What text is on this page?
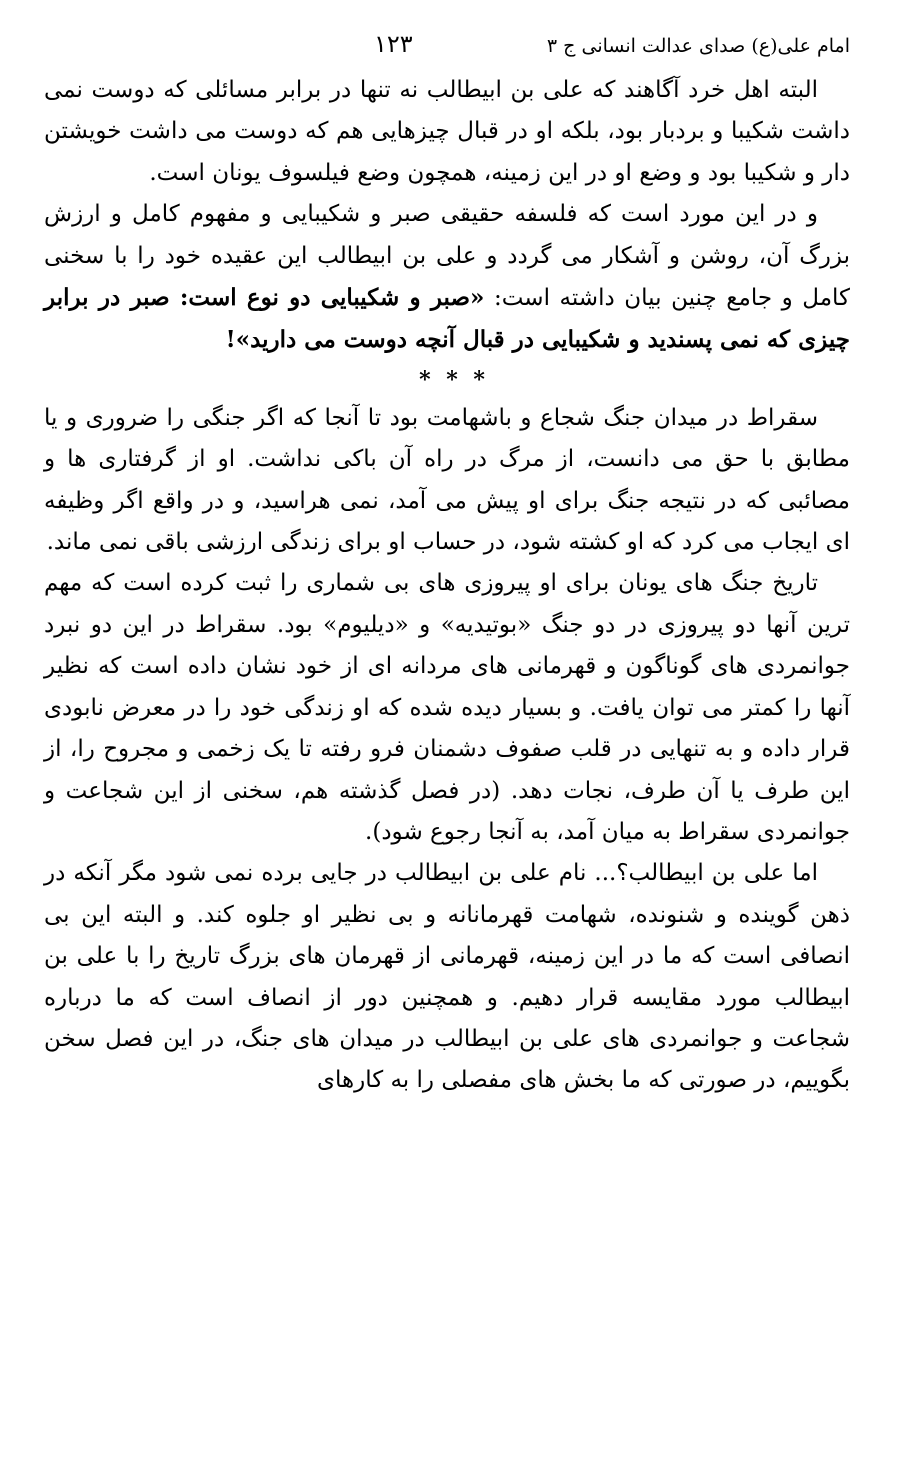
امام علی(ع) صدای عدالت انسانی ج ۳
۱۲۳

البته اهل خرد آگاهند که علی بن ابیطالب نه تنها در برابر مسائلی که دوست نمی داشت شکیبا و بردبار بود، بلکه او در قبال چیزهایی هم که دوست می داشت خویشتن دار و شکیبا بود و وضع او در این زمینه، همچون وضع فیلسوف یونان است.

و در این مورد است که فلسفه حقیقی صبر و شکیبایی و مفهوم کامل و ارزش بزرگ آن، روشن و آشکار می گردد و علی بن ابیطالب این عقیده خود را با سخنی کامل و جامع چنین بیان داشته است: «صبر و شکیبایی دو نوع است: صبر در برابر چیزی که نمی پسندید و شکیبایی در قبال آنچه دوست می دارید»!

* * *

سقراط در میدان جنگ شجاع و باشهامت بود تا آنجا که اگر جنگی را ضروری و یا مطابق با حق می دانست، از مرگ در راه آن باکی نداشت. او از گرفتاری ها و مصائبی که در نتیجه جنگ برای او پیش می آمد، نمی هراسید، و در واقع اگر وظیفه ای ایجاب می کرد که او کشته شود، در حساب او برای زندگی ارزشی باقی نمی ماند.

تاریخ جنگ های یونان برای او پیروزی های بی شماری را ثبت کرده است که مهم ترین آنها دو پیروزی در دو جنگ «بوتیدیه» و «دیلیوم» بود. سقراط در این دو نبرد جوانمردی های گوناگون و قهرمانی های مردانه ای از خود نشان داده است که نظیر آنها را کمتر می توان یافت. و بسیار دیده شده که او زندگی خود را در معرض نابودی قرار داده و به تنهایی در قلب صفوف دشمنان فرو رفته تا یک زخمی و مجروح را، از این طرف یا آن طرف، نجات دهد. (در فصل گذشته هم، سخنی از این شجاعت و جوانمردی سقراط به میان آمد، به آنجا رجوع شود).

اما علی بن ابیطالب؟... نام علی بن ابیطالب در جایی برده نمی شود مگر آنکه در ذهن گوینده و شنونده، شهامت قهرمانانه و بی نظیر او جلوه کند. و البته این بی انصافی است که ما در این زمینه، قهرمانی از قهرمان های بزرگ تاریخ را با علی بن ابیطالب مورد مقایسه قرار دهیم. و همچنین دور از انصاف است که ما درباره شجاعت و جوانمردی های علی بن ابیطالب در میدان های جنگ، در این فصل سخن بگوییم، در صورتی که ما بخش های مفصلی را به کارهای
